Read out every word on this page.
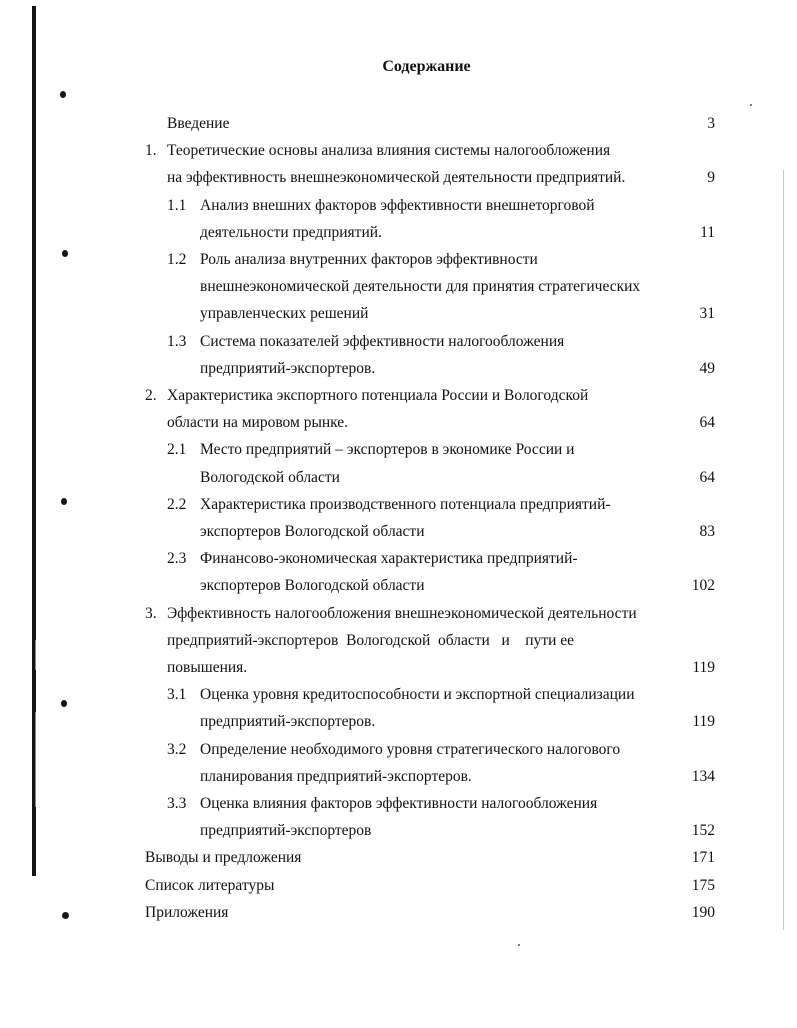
Содержание
Введение	3
1. Теоретические основы анализа влияния системы налогообложения
на эффективность внешнеэкономической деятельности предприятий.	9
1.1 Анализ внешних факторов эффективности внешнеторговой
деятельности предприятий.	11
1.2 Роль анализа внутренних факторов эффективности
внешнеэкономической деятельности для принятия стратегических
управленческих решений	31
1.3 Система показателей эффективности налогообложения
предприятий-экспортеров.	49
2. Характеристика экспортного потенциала России и Вологодской
области на мировом рынке.	64
2.1 Место предприятий – экспортеров в экономике России и
Вологодской области	64
2.2 Характеристика производственного потенциала предприятий-
экспортеров Вологодской области	83
2.3 Финансово-экономическая характеристика предприятий-
экспортеров Вологодской области	102
3. Эффективность налогообложения внешнеэкономической деятельности
предприятий-экспортеров  Вологодской  области   и    пути ее
повышения.	119
3.1 Оценка уровня кредитоспособности и экспортной специализации
предприятий-экспортеров.	119
3.2 Определение необходимого уровня стратегического налогового
планирования предприятий-экспортеров.	134
3.3 Оценка влияния факторов эффективности налогообложения
предприятий-экспортеров	152
Выводы и предложения	171
Список литературы	175
Приложения	190
